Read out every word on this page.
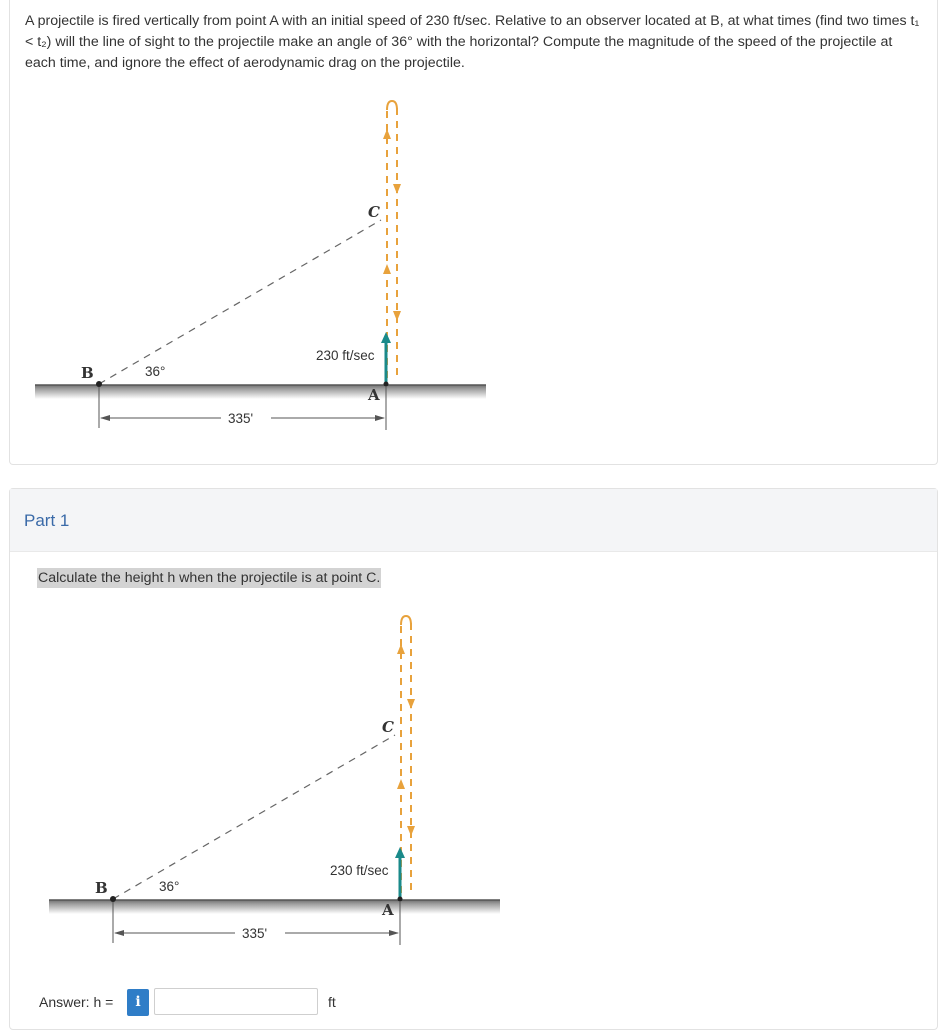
A projectile is fired vertically from point A with an initial speed of 230 ft/sec. Relative to an observer located at B, at what times (find two times t₁ < t₂) will the line of sight to the projectile make an angle of 36° with the horizontal? Compute the magnitude of the speed of the projectile at each time, and ignore the effect of aerodynamic drag on the projectile.
B
A
C
36°
335'
230 ft/sec
Part 1
Calculate the height h when the projectile is at point C.
B
A
C
36°
335'
230 ft/sec
Answer: h =	i	ft
